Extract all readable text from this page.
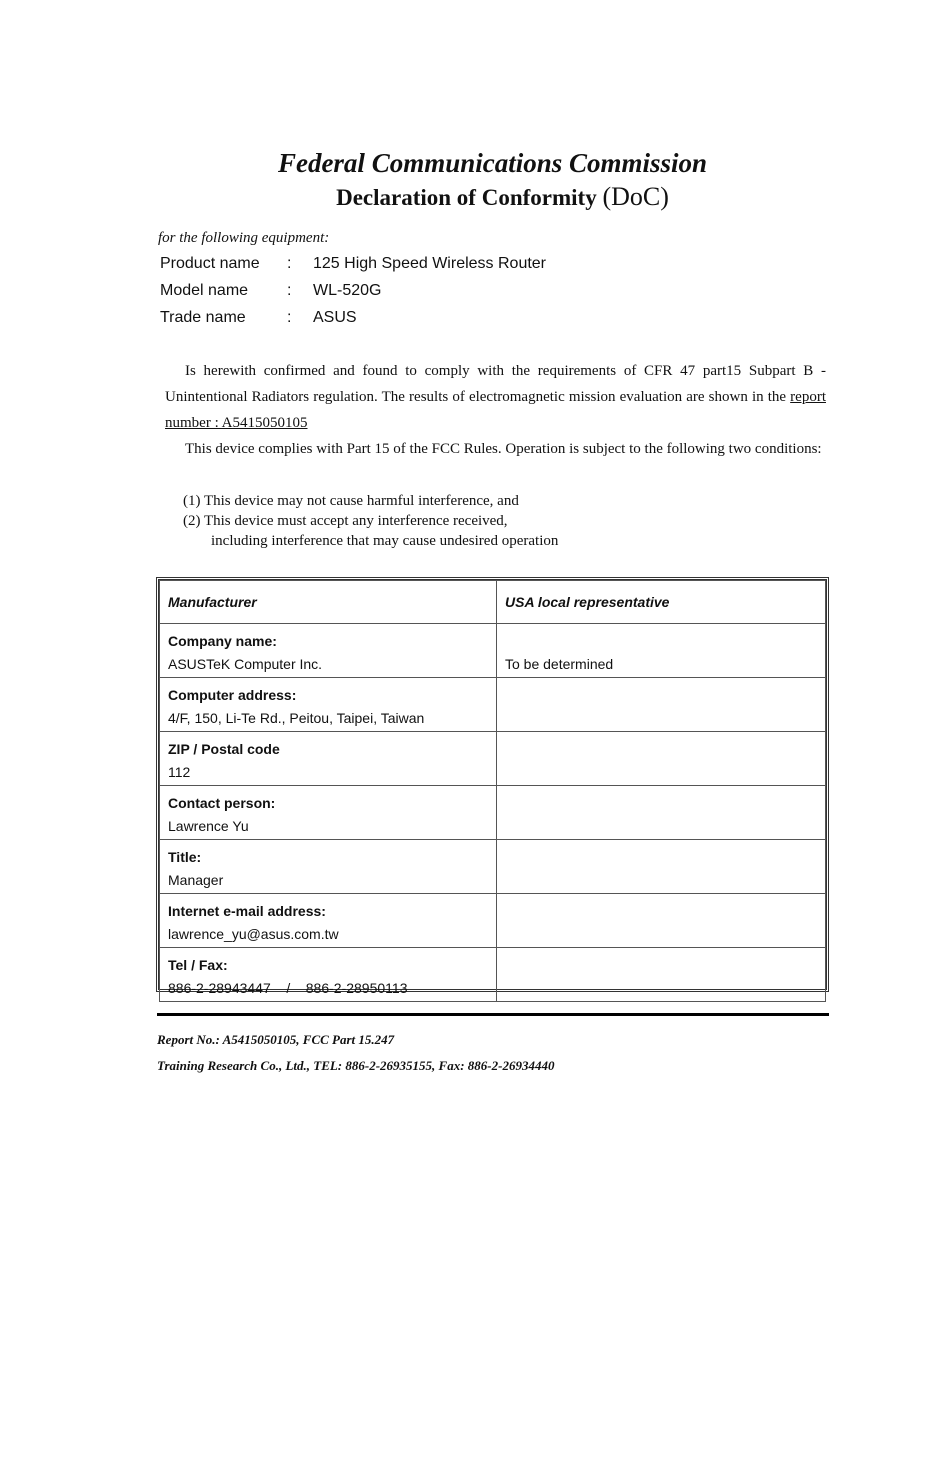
Federal Communications Commission
Declaration of Conformity (DoC)
for the following equipment:
Product name : 125 High Speed Wireless Router
Model name : WL-520G
Trade name	: ASUS

Is herewith confirmed and found to comply with the requirements of CFR 47 part15 Subpart B - Unintentional Radiators regulation. The results of electromagnetic mission evaluation are shown in the report number : A5415050105

This device complies with Part 15 of the FCC Rules. Operation is subject to the following two conditions:

(1) This device may not cause harmful interference, and
(2) This device must accept any interference received,
including interference that may cause undesired operation
Manufacturer	USA local representative

Company name:
ASUSTeK Computer Inc.	To be determined

Computer address:
4/F, 150, Li-Te Rd., Peitou, Taipei, Taiwan	

ZIP / Postal code
112	

Contact person:
Lawrence Yu	

Title:
Manager	

Internet e-mail address:
lawrence_yu@asus.com.tw	

Tel / Fax:
886-2-28943447    /    886-2-28950113	

Report No.: A5415050105, FCC Part 15.247
Training Research Co., Ltd., TEL: 886-2-26935155, Fax: 886-2-26934440
